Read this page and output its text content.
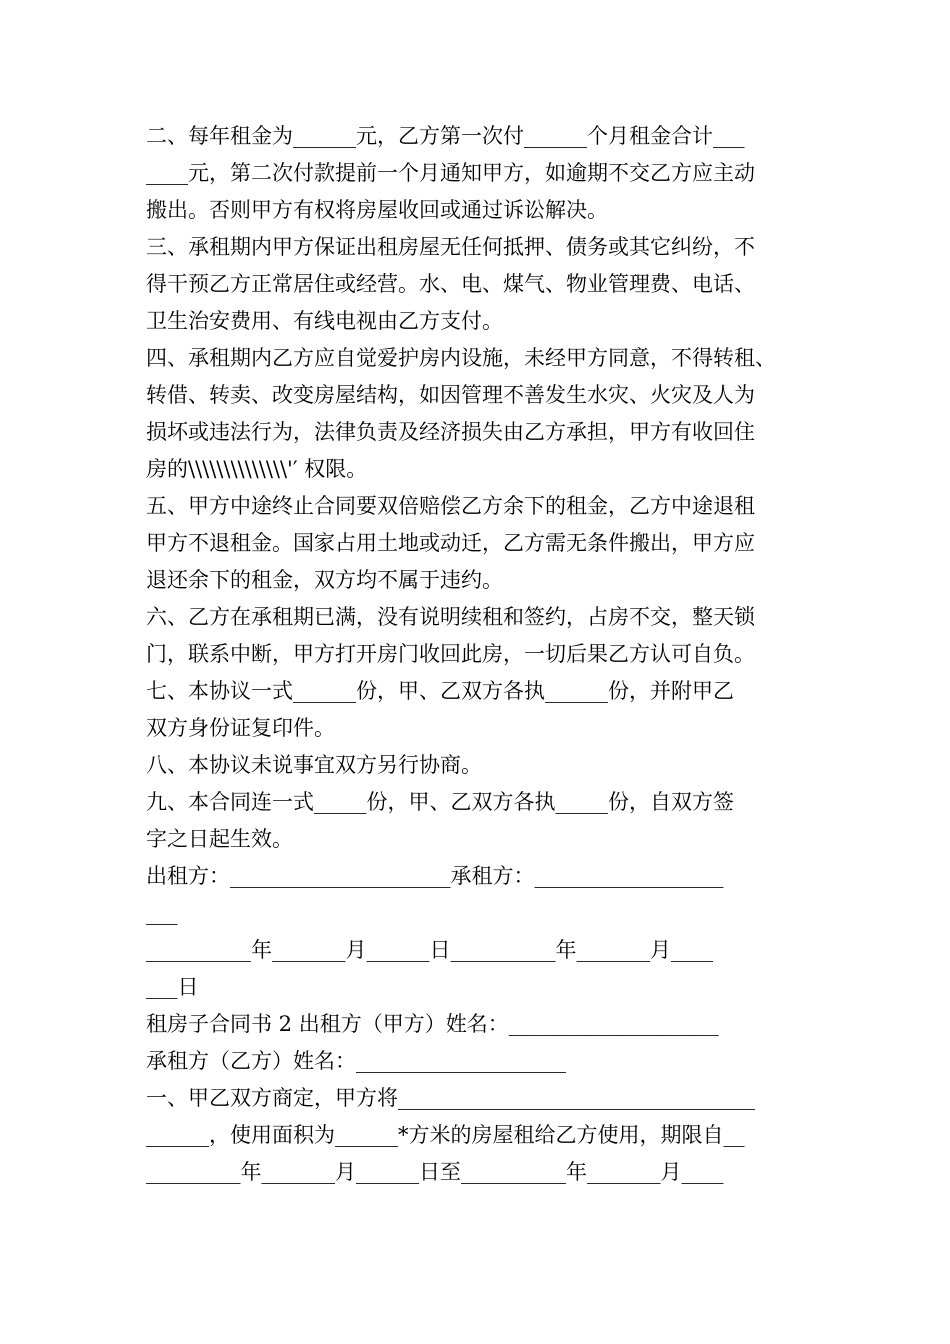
二、每年租金为______元，乙方第一次付______个月租金合计___
____元，第二次付款提前一个月通知甲方，如逾期不交乙方应主动
搬出。否则甲方有权将房屋收回或通过诉讼解决。
三、承租期内甲方保证出租房屋无任何抵押、债务或其它纠纷，不
得干预乙方正常居住或经营。水、电、煤气、物业管理费、电话、
卫生治安费用、有线电视由乙方支付。
四、承租期内乙方应自觉爱护房内设施，未经甲方同意，不得转租、
转借、转卖、改变房屋结构，如因管理不善发生水灾、火灾及人为
损坏或违法行为，法律负责及经济损失由乙方承担，甲方有收回住
房的\\\\\\\\\\\\\\'′ 权限。
五、甲方中途终止合同要双倍赔偿乙方余下的租金，乙方中途退租
甲方不退租金。国家占用土地或动迁，乙方需无条件搬出，甲方应
退还余下的租金，双方均不属于违约。
六、乙方在承租期已满，没有说明续租和签约，占房不交，整天锁
门，联系中断，甲方打开房门收回此房，一切后果乙方认可自负。
七、本协议一式______份，甲、乙双方各执______份，并附甲乙
双方身份证复印件。
八、本协议未说事宜双方另行协商。
九、本合同连一式_____份，甲、乙双方各执_____份，自双方签
字之日起生效。
出租方：_____________________承租方：__________________
___
__________年_______月______日__________年_______月____
___日
租房子合同书 2 出租方（甲方）姓名：____________________
承租方（乙方）姓名：____________________
一、甲乙双方商定，甲方将__________________________________
______，使用面积为______*方米的房屋租给乙方使用，期限自__
_________年_______月______日至__________年_______月____
